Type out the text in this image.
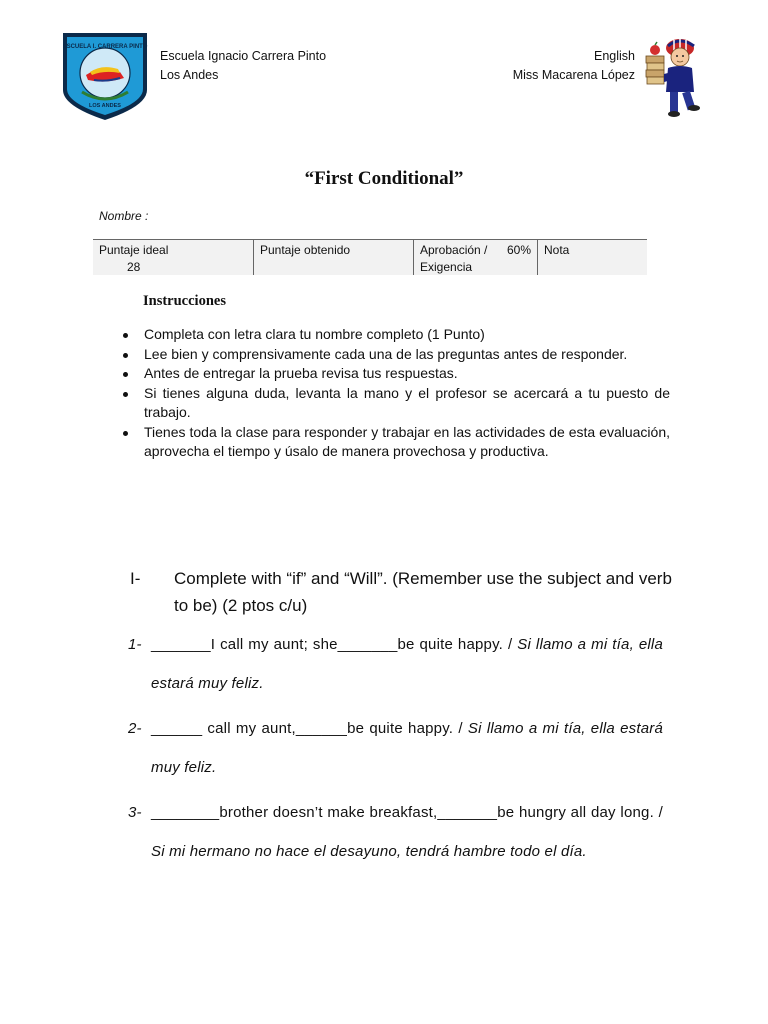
ESCUELA I. CARRERA PINTO
LOS ANDES
Escuela Ignacio Carrera Pinto
Los Andes
English
Miss Macarena López
“First Conditional”
Nombre :
Puntaje ideal
28
Puntaje obtenido	Aprobación / 60%
Exigencia
Nota
Instrucciones
Completa con letra clara tu nombre completo (1 Punto)
Lee bien y comprensivamente cada una de las preguntas antes de responder.
Antes de entregar la prueba revisa tus respuestas.
Si tienes alguna duda, levanta la mano y el profesor se acercará a tu puesto de trabajo.
Tienes toda la clase para responder y trabajar en las actividades de esta evaluación, aprovecha el tiempo y úsalo de manera provechosa y productiva.
I- Complete with “if” and “Will”. (Remember use the subject and verb to be) (2 ptos c/u)
1- _______I call my aunt; she_______be quite happy. / Si llamo a mi tía, ella estará muy feliz.
2- ______ call my aunt,______be quite happy. / Si llamo a mi tía, ella estará muy feliz.
3- ________brother doesn’t make breakfast,_______be hungry all day long. / Si mi hermano no hace el desayuno, tendrá hambre todo el día.
